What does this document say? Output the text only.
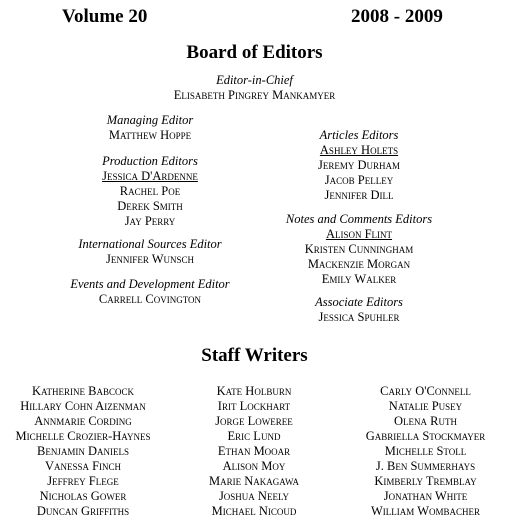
Volume 20	2008 - 2009
Board of Editors
Editor-in-Chief
Elisabeth Pingrey Mankamyer
Managing Editor
Matthew Hoppe
Production Editors
Jessica D'Ardenne
Rachel Poe
Derek Smith
Jay Perry
International Sources Editor
Jennifer Wunsch
Events and Development Editor
Carrell Covington
Articles Editors
Ashley Holets
Jeremy Durham
Jacob Pelley
Jennifer Dill
Notes and Comments Editors
Alison Flint
Kristen Cunningham
Mackenzie Morgan
Emily Walker
Associate Editors
Jessica Spuhler
Staff Writers
Katherine Babcock
Hillary Cohn Aizenman
Annmarie Cording
Michelle Crozier-Haynes
Benjamin Daniels
Vanessa Finch
Jeffrey Flege
Nicholas Gower
Duncan Griffiths
Kate Holburn
Irit Lockhart
Jorge Loweree
Eric Lund
Ethan Mooar
Alison Moy
Marie Nakagawa
Joshua Neely
Michael Nicoud
Carly O'Connell
Natalie Pusey
Olena Ruth
Gabriella Stockmayer
Michelle Stoll
J. Ben Summerhays
Kimberly Tremblay
Jonathan White
William Wombacher
